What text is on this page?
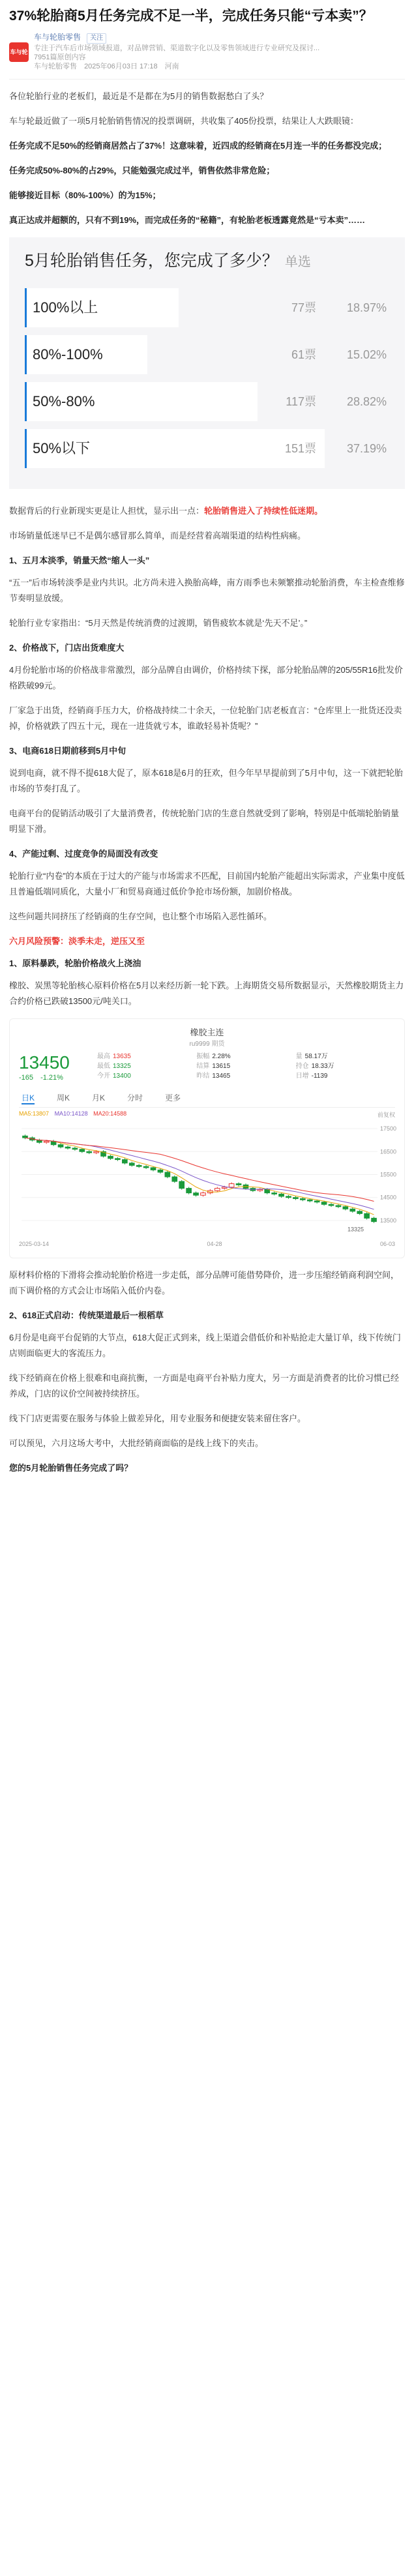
37%轮胎商5月任务完成不足一半，完成任务只能“亏本卖”？
车与轮
车与轮胎零售 关注
专注于汽车后市场领域报道，对品牌营销、渠道数字化以及零售领域进行专业研究及探讨...
7951篇原创内容
车与轮胎零售 2025年06月03日 17:18 河南

各位轮胎行业的老板们，最近是不是都在为5月的销售数据愁白了头？

车与轮最近做了一项5月轮胎销售情况的投票调研，共收集了405份投票，结果让人大跌眼镜：

任务完成不足50%的经销商居然占了37%！这意味着，近四成的经销商在5月连一半的任务都没完成；

任务完成50%-80%的占29%，只能勉强完成过半，销售依然非常危险；

能够接近目标（80%-100%）的为15%；

真正达成并超额的，只有不到19%，而完成任务的“秘籍”，有轮胎老板透露竟然是“亏本卖”……

5月轮胎销售任务，您完成了多少？ 单选
100%以上	77票	18.97%
80%-100%	61票	15.02%
50%-80%	117票	28.82%
50%以下	151票	37.19%

数据背后的行业新现实更是让人担忧，显示出一点：轮胎销售进入了持续性低迷期。

市场销量低迷早已不是偶尔感冒那么简单，而是经营着高端渠道的结构性病痛。

1、五月本淡季，销量天然“缩人一头”

“五一”后市场转淡季是业内共识。北方尚未进入换胎高峰，南方雨季也未频繁推动轮胎消费，车主检查维修节奏明显放缓。

轮胎行业专家指出：“5月天然是传统消费的过渡期，销售疲软本就是‘先天不足’。”

2、价格战下，门店出货难度大

4月份轮胎市场的价格战非常激烈，部分品牌自由调价，价格持续下探，部分轮胎品牌的205/55R16批发价格跌破99元。

厂家急于出货，经销商手压力大，价格战持续二十余天，一位轮胎门店老板直言：“仓库里上一批货还没卖掉，价格就跌了四五十元，现在一进货就亏本，谁敢轻易补货呢？”

3、电商618日期前移到5月中旬

说到电商，就不得不提618大促了，原本618是6月的狂欢，但今年早早提前到了5月中旬，这一下就把轮胎市场的节奏打乱了。

电商平台的促销活动吸引了大量消费者，传统轮胎门店的生意自然就受到了影响，特别是中低端轮胎销量明显下滑。

4、产能过剩、过度竞争的局面没有改变

轮胎行业“内卷”的本质在于过大的产能与市场需求不匹配，目前国内轮胎产能超出实际需求，产业集中度低且普遍低端同质化，大量小厂和贸易商通过低价争抢市场份额，加剧价格战。

这些问题共同挤压了经销商的生存空间，也让整个市场陷入恶性循环。

六月风险预警：淡季未走，逆压又至
1、原料暴跌，轮胎价格战火上浇油

橡胶、炭黑等轮胎核心原料价格在5月以来经历新一轮下跌。上海期货交易所数据显示，天然橡胶期货主力合约价格已跌破13500元/吨关口。

橡胶主连
ru9999 期货
13450
-165 -1.21%
最高 13635	振幅 2.28%	量 58.17万
最低 13325	结算 13615	持仓 18.33万
今开 13400	昨结 13465	日增 -1139
日K	周K	月K	分时	更多
MA5:13807 MA10:14128 MA20:14588	前复权
17500
16500
15500
14500
13500
13325
2025-03-14	04-28	06-03

原材料价格的下滑将会推动轮胎价格进一步走低，部分品牌可能借势降价，进一步压缩经销商利润空间，而下调价格的方式会让市场陷入低价内卷。

2、618正式启动：传统渠道最后一根稻草

6月份是电商平台促销的大节点，618大促正式到来，线上渠道会借低价和补贴抢走大量订单，线下传统门店则面临更大的客流压力。

线下经销商在价格上很难和电商抗衡，一方面是电商平台补贴力度大，另一方面是消费者的比价习惯已经养成，门店的议价空间被持续挤压。

线下门店更需要在服务与体验上做差异化，用专业服务和便捷安装来留住客户。

可以预见，六月这场大考中，大批经销商面临的是线上线下的夹击。

您的5月轮胎销售任务完成了吗？
